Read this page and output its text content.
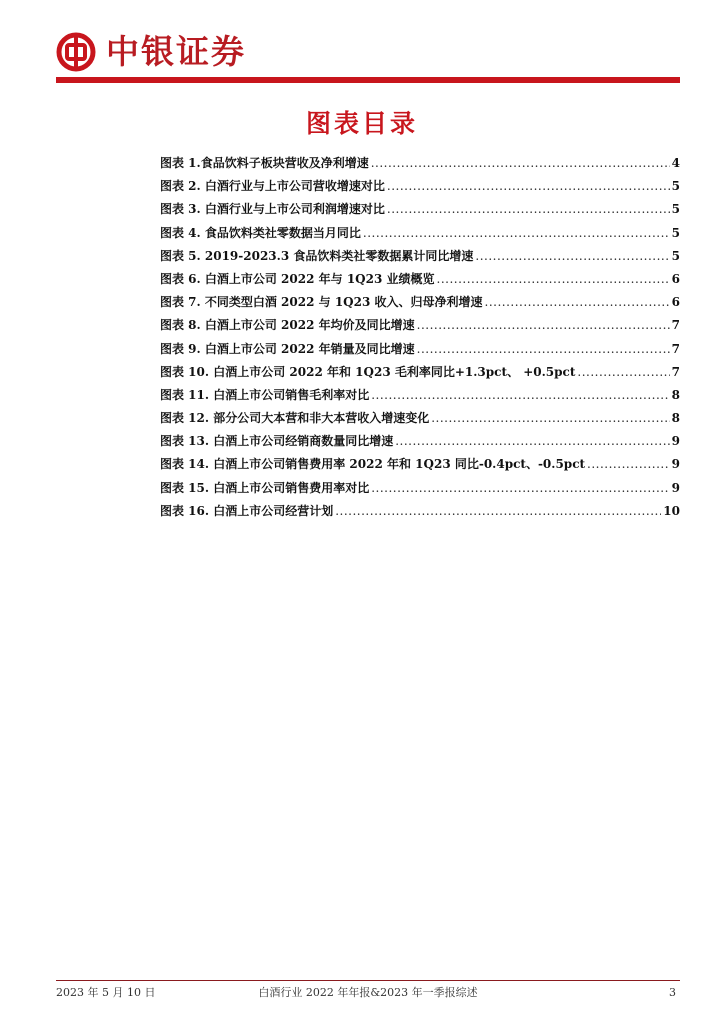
中银证券
图表目录
图表 1.食品饮料子板块营收及净利增速 .....	4
图表 2. 白酒行业与上市公司营收增速对比 .....	5
图表 3. 白酒行业与上市公司利润增速对比 .....	5
图表 4. 食品饮料类社零数据当月同比 .....	5
图表 5. 2019-2023.3 食品饮料类社零数据累计同比增速 .....	5
图表 6. 白酒上市公司 2022 年与 1Q23 业绩概览 .....	6
图表 7. 不同类型白酒 2022 与 1Q23 收入、归母净利增速 .....	6
图表 8. 白酒上市公司 2022 年均价及同比增速 .....	7
图表 9. 白酒上市公司 2022 年销量及同比增速 .....	7
图表 10. 白酒上市公司 2022 年和 1Q23 毛利率同比+1.3pct、 +0.5pct .....	7
图表 11. 白酒上市公司销售毛利率对比 .....	8
图表 12. 部分公司大本营和非大本营收入增速变化 .....	8
图表 13. 白酒上市公司经销商数量同比增速 .....	9
图表 14. 白酒上市公司销售费用率 2022 年和 1Q23 同比-0.4pct、-0.5pct .....	9
图表 15. 白酒上市公司销售费用率对比 .....	9
图表 16. 白酒上市公司经营计划 .....	10
2023 年 5 月 10 日	白酒行业 2022 年年报&2023 年一季报综述	3
